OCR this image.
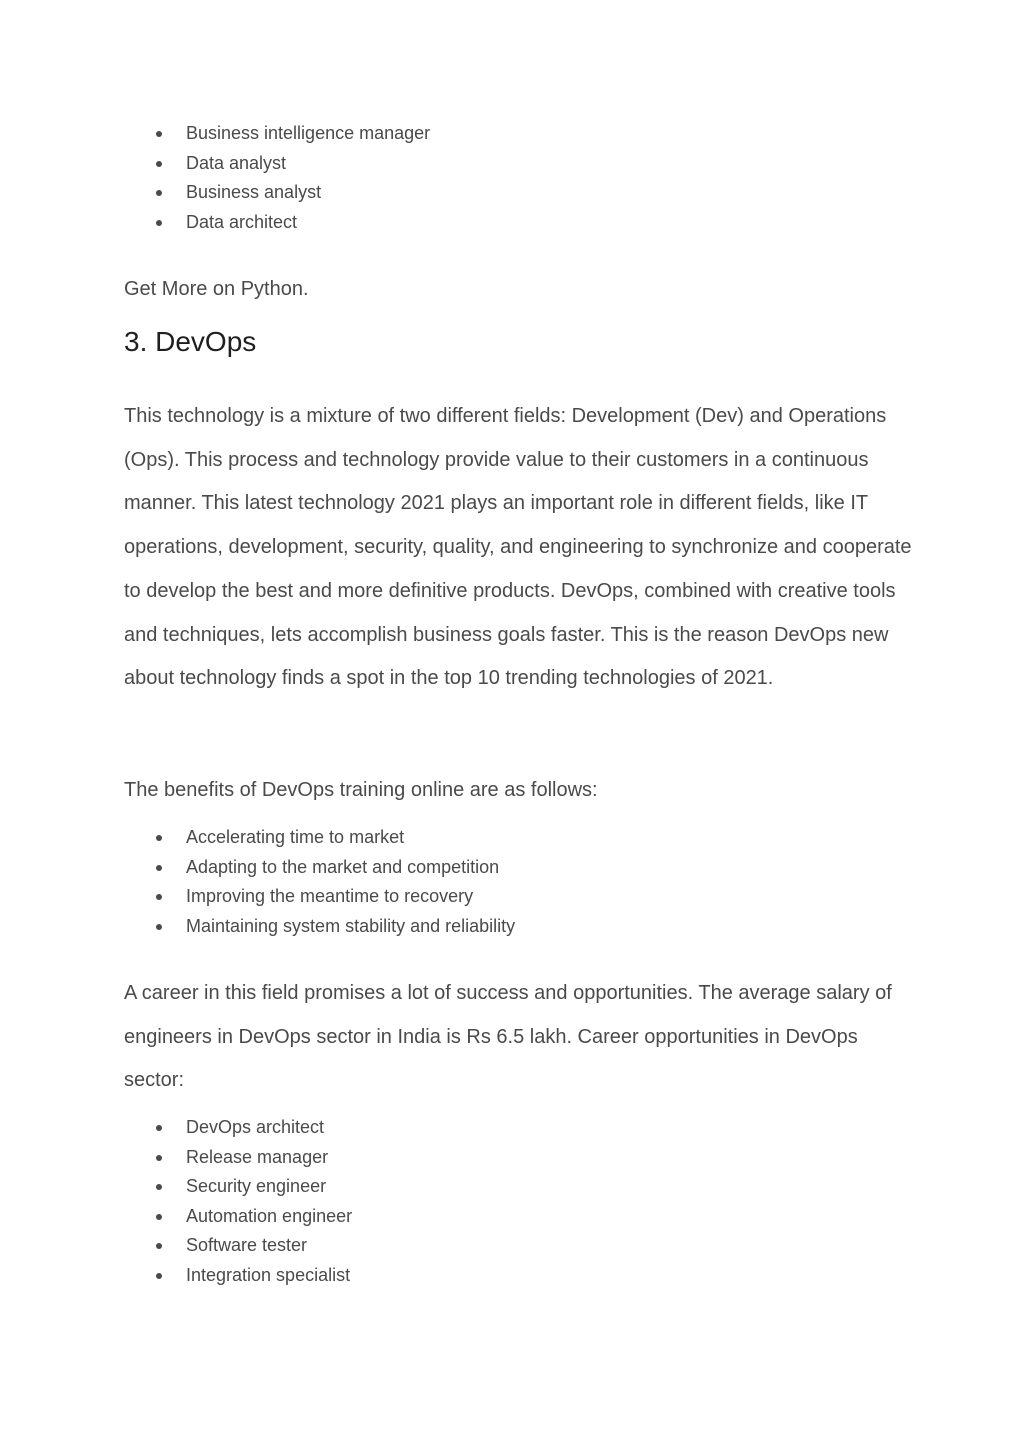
Business intelligence manager
Data analyst
Business analyst
Data architect

Get More on Python.

3. DevOps

This technology is a mixture of two different fields: Development (Dev) and Operations (Ops). This process and technology provide value to their customers in a continuous manner. This latest technology 2021 plays an important role in different fields, like IT operations, development, security, quality, and engineering to synchronize and cooperate to develop the best and more definitive products. DevOps, combined with creative tools and techniques, lets accomplish business goals faster. This is the reason DevOps new about technology finds a spot in the top 10 trending technologies of 2021.

The benefits of DevOps training online are as follows:

Accelerating time to market
Adapting to the market and competition
Improving the meantime to recovery
Maintaining system stability and reliability

A career in this field promises a lot of success and opportunities. The average salary of engineers in DevOps sector in India is Rs 6.5 lakh. Career opportunities in DevOps sector:

DevOps architect
Release manager
Security engineer
Automation engineer
Software tester
Integration specialist
